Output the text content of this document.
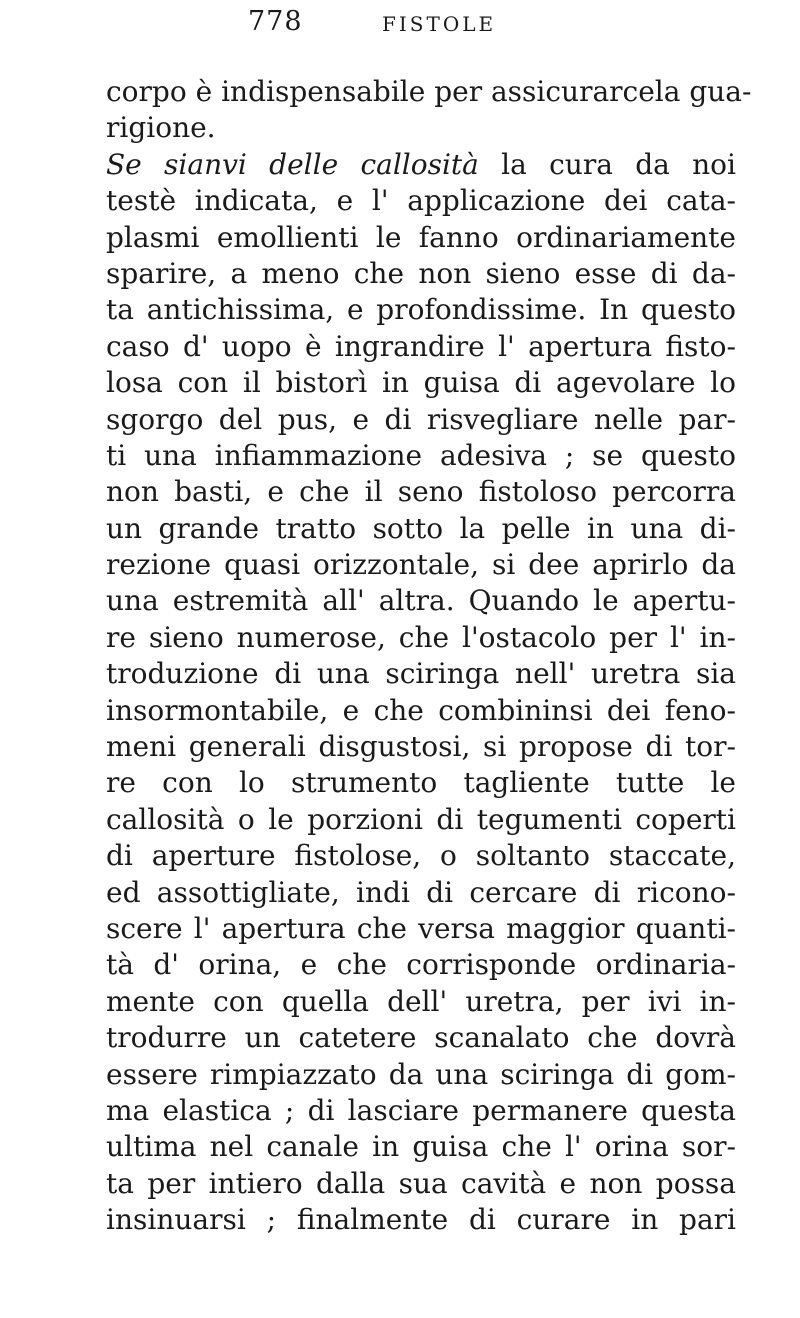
778	FISTOLE
corpo è indispensabile per assicurarcela gua-
rigione.
Se sianvi delle callosità la cura da noi
testè indicata, e l' applicazione dei cata-
plasmi emollienti le fanno ordinariamente
sparire, a meno che non sieno esse di da-
ta antichissima, e profondissime. In questo
caso d' uopo è ingrandire l' apertura fisto-
losa con il bistorì in guisa di agevolare lo
sgorgo del pus, e di risvegliare nelle par-
ti una infiammazione adesiva ; se questo
non basti, e che il seno fistoloso percorra
un grande tratto sotto la pelle in una di-
rezione quasi orizzontale, si dee aprirlo da
una estremità all' altra. Quando le apertu-
re sieno numerose, che l'ostacolo per l' in-
troduzione di una sciringa nell' uretra sia
insormontabile, e che combininsi dei feno-
meni generali disgustosi, si propose di tor-
re con lo strumento tagliente tutte le
callosità o le porzioni di tegumenti coperti
di aperture fistolose, o soltanto staccate,
ed assottigliate, indi di cercare di ricono-
scere l' apertura che versa maggior quanti-
tà d' orina, e che corrisponde ordinaria-
mente con quella dell' uretra, per ivi in-
trodurre un catetere scanalato che dovrà
essere rimpiazzato da una sciringa di gom-
ma elastica ; di lasciare permanere questa
ultima nel canale in guisa che l' orina sor-
ta per intiero dalla sua cavità e non possa
insinuarsi ; finalmente di curare in pari
